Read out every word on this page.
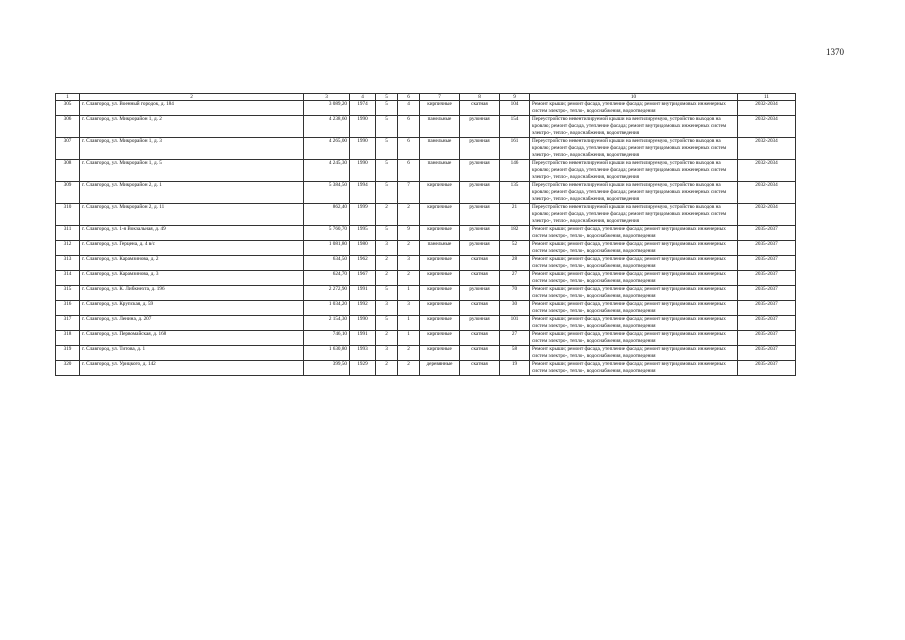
1370
1	2	3	4	5	6	7	8	9	10	11
305	г. Славгород, ул. Военный городок, д. 184	3 089,20	1974	5	4	кирпичные	скатная	104	Ремонт крыши; ремонт фасада, утепление фасада; ремонт внутридомовых инженерных систем электро-, тепло-, водоснабжения, водоотведения	2032-2034
306	г. Славгород, ул. Микрорайон 1, д. 2	4 238,60	1990	5	6	панельные	рулонная	154	Переустройство невентилируемой крыши на вентилируемую, устройство выходов на кровлю; ремонт фасада, утепление фасада; ремонт внутридомовых инженерных систем электро-, тепло-, водоснабжения, водоотведения	2032-2034
307	г. Славгород, ул. Микрорайон 1, д. 3	4 265,00	1990	5	6	панельные	рулонная	161	Переустройство невентилируемой крыши на вентилируемую, устройство выходов на кровлю; ремонт фасада, утепление фасада; ремонт внутридомовых инженерных систем электро-, тепло-, водоснабжения, водоотведения	2032-2034
308	г. Славгород, ул. Микрорайон 1, д. 5	4 245,30	1990	5	6	панельные	рулонная	146	Переустройство невентилируемой крыши на вентилируемую, устройство выходов на кровлю; ремонт фасада, утепление фасада; ремонт внутридомовых инженерных систем электро-, тепло-, водоснабжения, водоотведения	2032-2034
309	г. Славгород, ул. Микрорайон 2, д. 1	5 384,50	1994	5	7	кирпичные	рулонная	135	Переустройство невентилируемой крыши на вентилируемую, устройство выходов на кровлю; ремонт фасада, утепление фасада; ремонт внутридомовых инженерных систем электро-, тепло-, водоснабжения, водоотведения	2032-2034
310	г. Славгород, ул. Микрорайон 2, д. 11	862,40	1999	2	2	кирпичные	рулонная	21	Переустройство невентилируемой крыши на вентилируемую, устройство выходов на кровлю; ремонт фасада, утепление фасада; ремонт внутридомовых инженерных систем электро-, тепло-, водоснабжения, водоотведения	2032-2034
311	г. Славгород, ул. 1-я Вокзальная, д. 49	5 760,70	1995	5	9	кирпичные	рулонная	182	Ремонт крыши; ремонт фасада, утепление фасада; ремонт внутридомовых инженерных систем электро-, тепло-, водоснабжения, водоотведения	2035-2037
312	г. Славгород, ул. Герцена, д. 4 в/с	1 081,80	1980	3	2	панельные	рулонная	52	Ремонт крыши; ремонт фасада, утепление фасада; ремонт внутридомовых инженерных систем электро-, тепло-, водоснабжения, водоотведения	2035-2037
313	г. Славгород, ул. Карамзинова, д. 2	634,50	1962	2	3	кирпичные	скатная	28	Ремонт крыши; ремонт фасада, утепление фасада; ремонт внутридомовых инженерных систем электро-, тепло-, водоснабжения, водоотведения	2035-2037
314	г. Славгород, ул. Карамзинова, д. 3	624,70	1967	2	2	кирпичные	скатная	27	Ремонт крыши; ремонт фасада, утепление фасада; ремонт внутридомовых инженерных систем электро-, тепло-, водоснабжения, водоотведения	2035-2037
315	г. Славгород, ул. К. Либкнехта, д. 196	2 272,90	1991	5	1	кирпичные	рулонная	70	Ремонт крыши; ремонт фасада, утепление фасада; ремонт внутридомовых инженерных систем электро-, тепло-, водоснабжения, водоотведения	2035-2037
316	г. Славгород, ул. Крупская, д. 59	1 034,20	1992	3	3	кирпичные	скатная	30	Ремонт крыши; ремонт фасада, утепление фасада; ремонт внутридомовых инженерных систем электро-, тепло-, водоснабжения, водоотведения	2035-2037
317	г. Славгород, ул. Ленина, д. 207	2 154,30	1990	5	1	кирпичные	рулонная	101	Ремонт крыши; ремонт фасада, утепление фасада; ремонт внутридомовых инженерных систем электро-, тепло-, водоснабжения, водоотведения	2035-2037
318	г. Славгород, ул. Первомайская, д. 168	746,10	1991	2	1	кирпичные	скатная	27	Ремонт крыши; ремонт фасада, утепление фасада; ремонт внутридомовых инженерных систем электро-, тепло-, водоснабжения, водоотведения	2035-2037
319	г. Славгород, ул. Титова, д. 1	1 630,80	1993	3	2	кирпичные	скатная	58	Ремонт крыши; ремонт фасада, утепление фасада; ремонт внутридомовых инженерных систем электро-, тепло-, водоснабжения, водоотведения	2035-2037
320	г. Славгород, ул. Урицкого, д. 142	399,50	1929	2	2	деревянные	скатная	19	Ремонт крыши; ремонт фасада, утепление фасада; ремонт внутридомовых инженерных систем электро-, тепло-, водоснабжения, водоотведения	2035-2037
